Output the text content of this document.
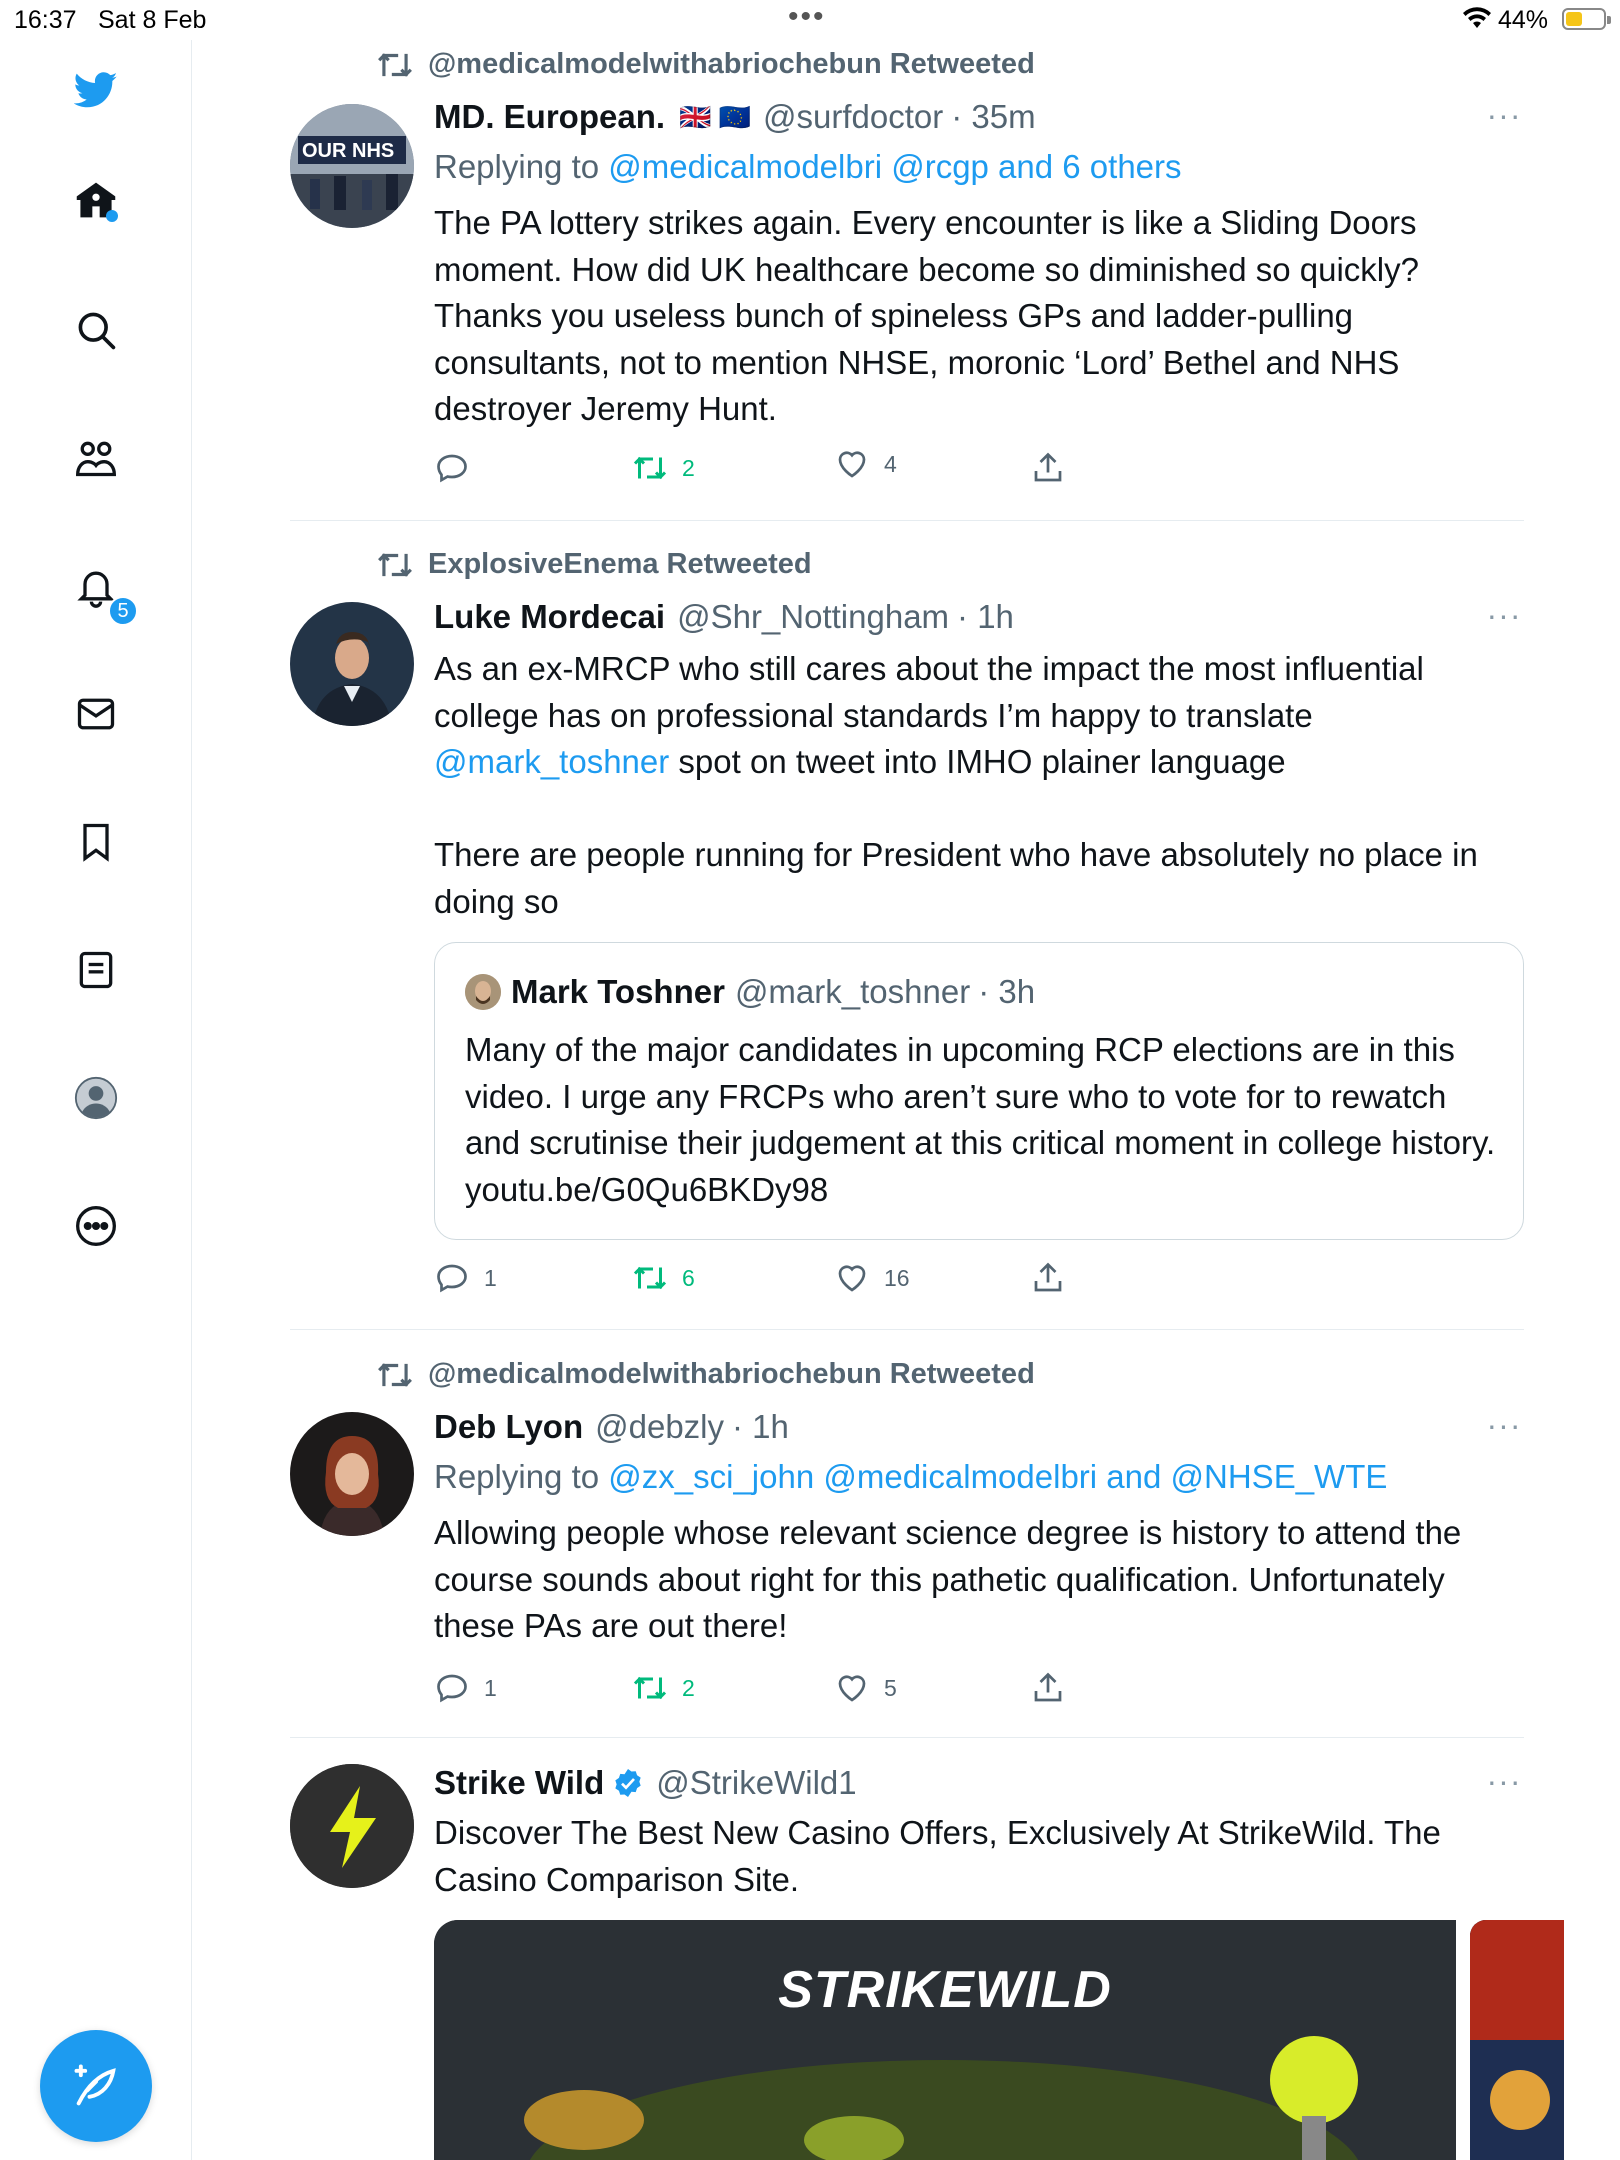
16:37 Sat 8 Feb	•••	44%
5
@medicalmodelwithabriochebun Retweeted
OUR NHS
MD. European. 🇬🇧 🇪🇺 @surfdoctor · 35m	···
Replying to @medicalmodelbri @rcgp and 6 others
The PA lottery strikes again. Every encounter is like a Sliding Doors moment. How did UK healthcare become so diminished so quickly? Thanks you useless bunch of spineless GPs and ladder-pulling consultants, not to mention NHSE, moronic ‘Lord’ Bethel and NHS destroyer Jeremy Hunt.
2	4
ExplosiveEnema Retweeted
Luke Mordecai @Shr_Nottingham · 1h	···
As an ex-MRCP who still cares about the impact the most influential college has on professional standards I’m happy to translate @mark_toshner spot on tweet into IMHO plainer language
There are people running for President who have absolutely no place in doing so
Mark Toshner @mark_toshner · 3h
Many of the major candidates in upcoming RCP elections are in this video. I urge any FRCPs who aren’t sure who to vote for to rewatch and scrutinise their judgement at this critical moment in college history. youtu.be/G0Qu6BKDy98
1	6	16
@medicalmodelwithabriochebun Retweeted
Deb Lyon @debzly · 1h	···
Replying to @zx_sci_john @medicalmodelbri and @NHSE_WTE
Allowing people whose relevant science degree is history to attend the course sounds about right for this pathetic qualification. Unfortunately these PAs are out there!
1	2	5
Strike Wild @StrikeWild1	···
Discover The Best New Casino Offers, Exclusively At StrikeWild. The Casino Comparison Site.
STRIKEWILD
